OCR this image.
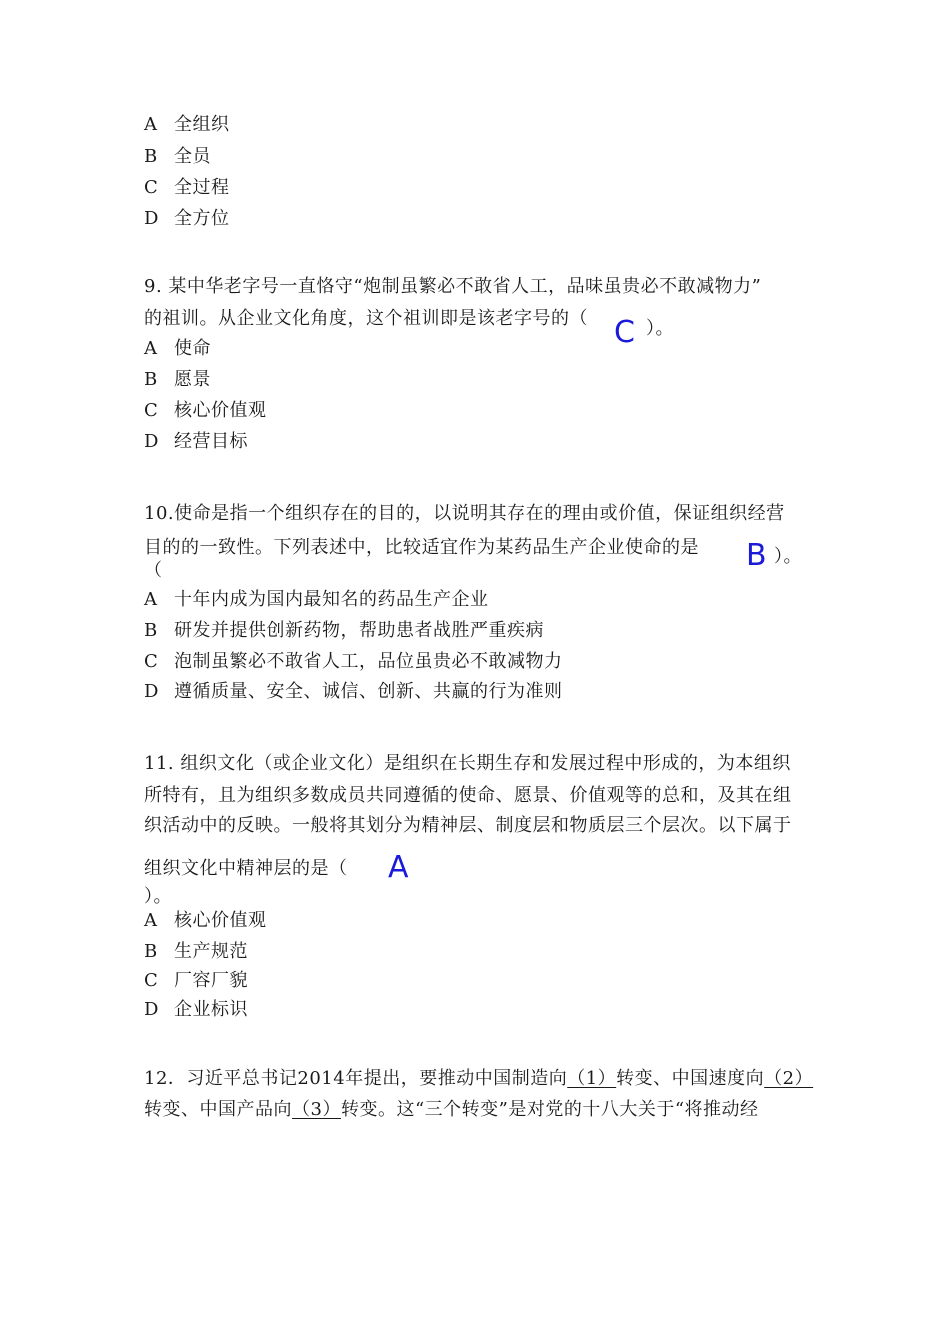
A 全组织
B 全员
C 全过程
D 全方位
9. 某中华老字号一直恪守“炮制虽繁必不敢省人工，品味虽贵必不敢减物力”
的祖训。从企业文化角度，这个祖训即是该老字号的（ C ）。
A 使命
B 愿景
C 核心价值观
D 经营目标
10.使命是指一个组织存在的目的，以说明其存在的理由或价值，保证组织经营
目的的一致性。下列表述中，比较适宜作为某药品生产企业使命的是 B ）。
（
A 十年内成为国内最知名的药品生产企业
B 研发并提供创新药物，帮助患者战胜严重疾病
C 泡制虽繁必不敢省人工，品位虽贵必不敢减物力
D 遵循质量、安全、诚信、创新、共赢的行为准则
11. 组织文化（或企业文化）是组织在长期生存和发展过程中形成的，为本组织
所特有，且为组织多数成员共同遵循的使命、愿景、价值观等的总和，及其在组
织活动中的反映。一般将其划分为精神层、制度层和物质层三个层次。以下属于
组织文化中精神层的是（ A
）。
A 核心价值观
B 生产规范
C 厂容厂貌
D 企业标识
12．习近平总书记2014年提出，要推动中国制造向（1）转变、中国速度向（2）
转变、中国产品向（3）转变。这“三个转变”是对党的十八大关于“将推动经
